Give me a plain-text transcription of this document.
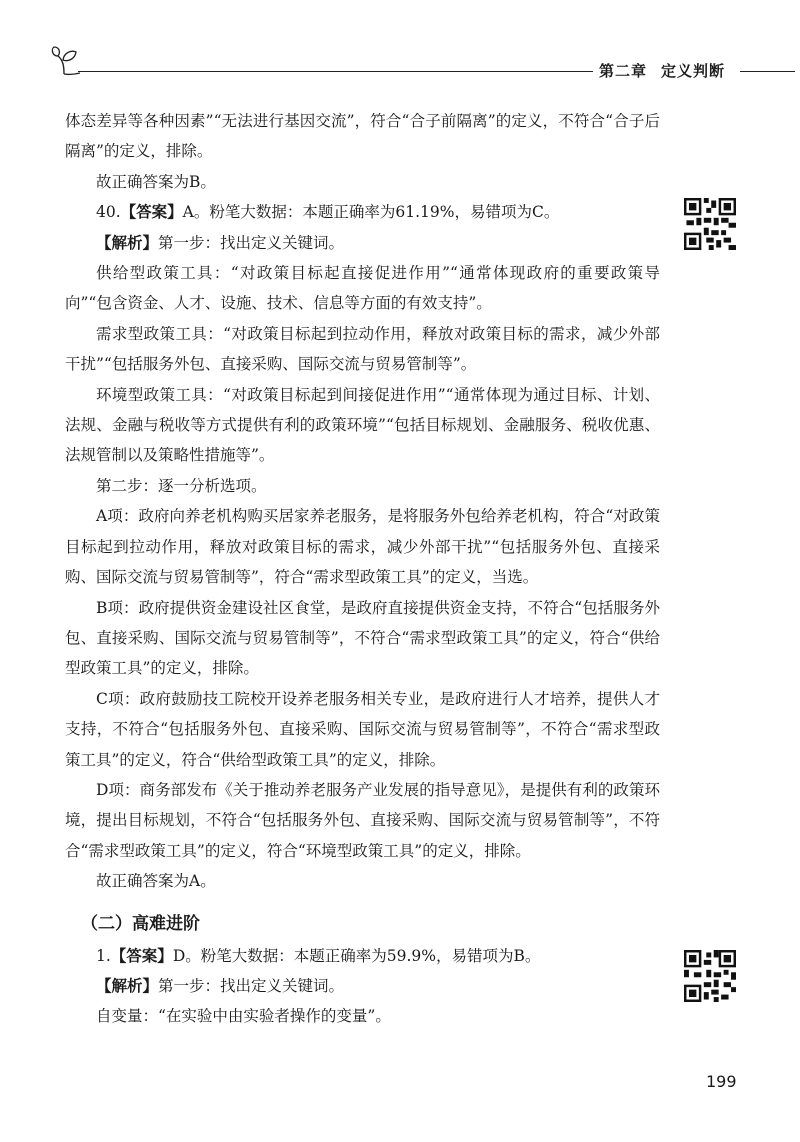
第二章 定义判断

体态差异等各种因素”“无法进行基因交流”，符合“合子前隔离”的定义，不符合“合子后隔离”的定义，排除。

故正确答案为B。

40.【答案】A。粉笔大数据：本题正确率为61.19%，易错项为C。

【解析】第一步：找出定义关键词。

供给型政策工具：“对政策目标起直接促进作用”“通常体现政府的重要政策导向”“包含资金、人才、设施、技术、信息等方面的有效支持”。

需求型政策工具：“对政策目标起到拉动作用，释放对政策目标的需求，减少外部干扰”“包括服务外包、直接采购、国际交流与贸易管制等”。

环境型政策工具：“对政策目标起到间接促进作用”“通常体现为通过目标、计划、法规、金融与税收等方式提供有利的政策环境”“包括目标规划、金融服务、税收优惠、法规管制以及策略性措施等”。

第二步：逐一分析选项。

A项：政府向养老机构购买居家养老服务，是将服务外包给养老机构，符合“对政策目标起到拉动作用，释放对政策目标的需求，减少外部干扰”“包括服务外包、直接采购、国际交流与贸易管制等”，符合“需求型政策工具”的定义，当选。

B项：政府提供资金建设社区食堂，是政府直接提供资金支持，不符合“包括服务外包、直接采购、国际交流与贸易管制等”，不符合“需求型政策工具”的定义，符合“供给型政策工具”的定义，排除。

C项：政府鼓励技工院校开设养老服务相关专业，是政府进行人才培养，提供人才支持，不符合“包括服务外包、直接采购、国际交流与贸易管制等”，不符合“需求型政策工具”的定义，符合“供给型政策工具”的定义，排除。

D项：商务部发布《关于推动养老服务产业发展的指导意见》，是提供有利的政策环境，提出目标规划，不符合“包括服务外包、直接采购、国际交流与贸易管制等”，不符合“需求型政策工具”的定义，符合“环境型政策工具”的定义，排除。

故正确答案为A。

（二）高难进阶

1.【答案】D。粉笔大数据：本题正确率为59.9%，易错项为B。

【解析】第一步：找出定义关键词。

自变量：“在实验中由实验者操作的变量”。

199
